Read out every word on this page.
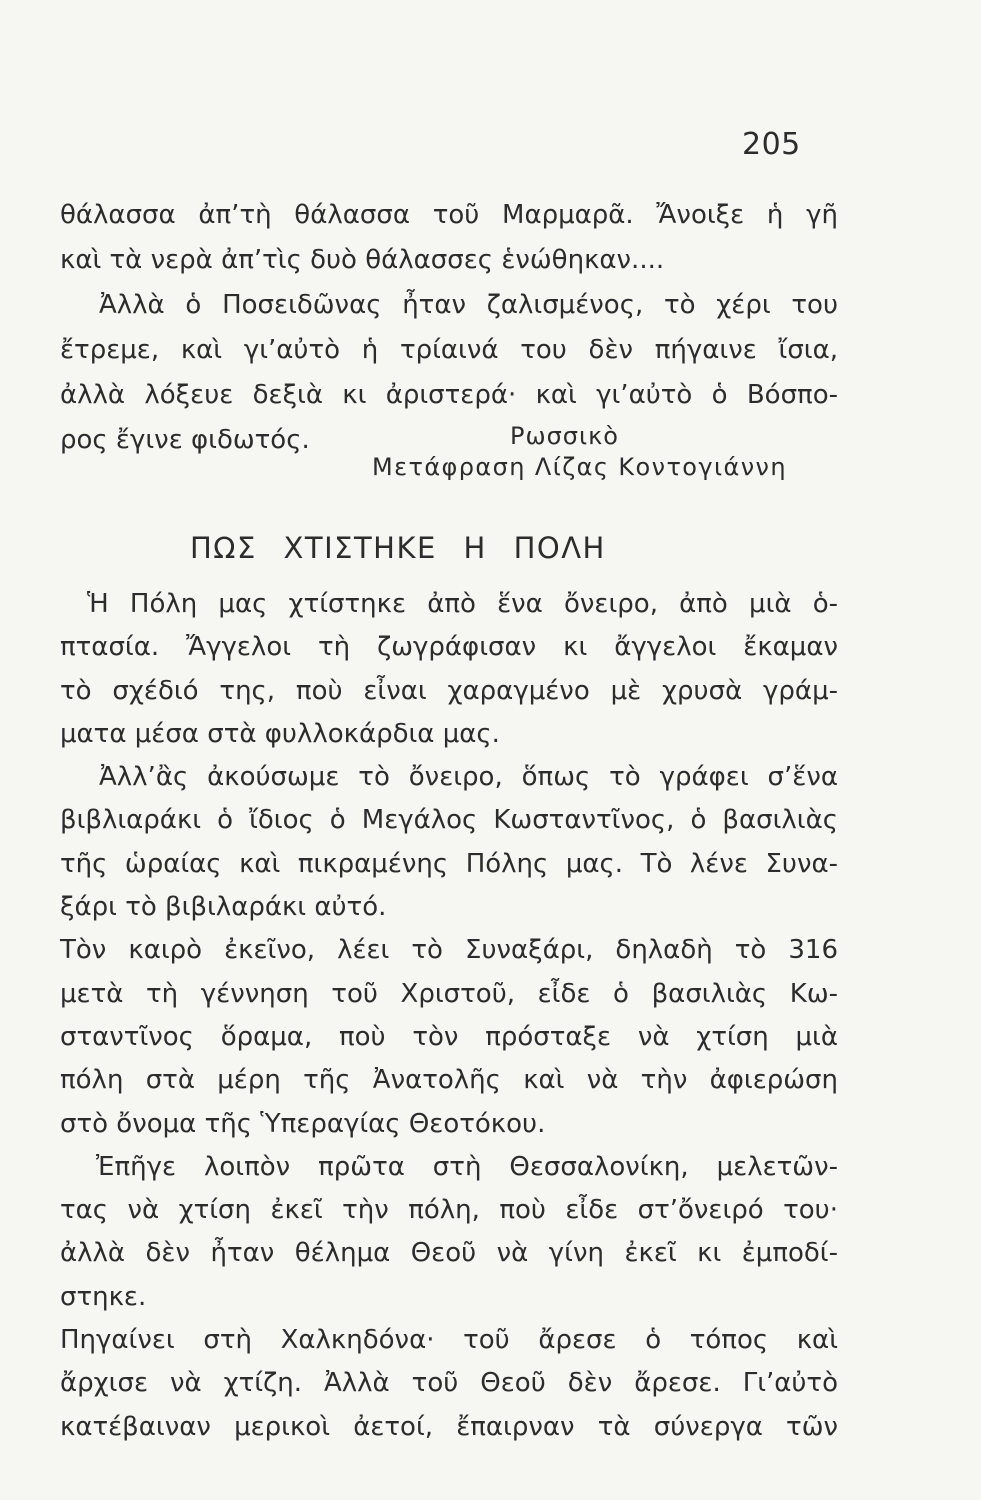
205
θάλασσα ἀπ’τὴ θάλασσα τοῦ Μαρμαρᾶ. Ἄνοιξε ἡ γῆ
καὶ τὰ νερὰ ἀπ’τὶς δυὸ θάλασσες ἑνώθηκαν....
Ἀλλὰ ὁ Ποσειδῶνας ἦταν ζαλισμένος, τὸ χέρι του
ἔτρεμε, καὶ γι’αὐτὸ ἡ τρίαινά του δὲν πήγαινε ἴσια,
ἀλλὰ λόξευε δεξιὰ κι ἀριστερά· καὶ γι’αὐτὸ ὁ Βόσπο-
ρος ἔγινε φιδωτός.	Ρωσσικὸ
Μετάφραση Λίζας Κοντογιάννη
ΠΩΣ ΧΤΙΣΤΗΚΕ Η ΠΟΛΗ
Ἡ Πόλη μας χτίστηκε ἀπὸ ἕνα ὄνειρο, ἀπὸ μιὰ ὁ-
πτασία. Ἄγγελοι τὴ ζωγράφισαν κι ἄγγελοι ἔκαμαν
τὸ σχέδιό της, ποὺ εἶναι χαραγμένο μὲ χρυσὰ γράμ-
ματα μέσα στὰ φυλλοκάρδια μας.
Ἀλλ’ἂς ἀκούσωμε τὸ ὄνειρο, ὅπως τὸ γράφει σ’ἕνα
βιβλιαράκι ὁ ἴδιος ὁ Μεγάλος Κωσταντῖνος, ὁ βασιλιὰς
τῆς ὡραίας καὶ πικραμένης Πόλης μας. Τὸ λένε Συνα-
ξάρι τὸ βιβιλαράκι αὐτό.
Τὸν καιρὸ ἐκεῖνο, λέει τὸ Συναξάρι, δηλαδὴ τὸ 316
μετὰ τὴ γέννηση τοῦ Χριστοῦ, εἶδε ὁ βασιλιὰς Κω-
σταντῖνος ὅραμα, ποὺ τὸν πρόσταξε νὰ χτίση μιὰ
πόλη στὰ μέρη τῆς Ἀνατολῆς καὶ νὰ τὴν ἀφιερώση
στὸ ὄνομα τῆς Ὑπεραγίας Θεοτόκου.
Ἐπῆγε λοιπὸν πρῶτα στὴ Θεσσαλονίκη, μελετῶν-
τας νὰ χτίση ἐκεῖ τὴν πόλη, ποὺ εἶδε στ’ὄνειρό του·
ἀλλὰ δὲν ἦταν θέλημα Θεοῦ νὰ γίνη ἐκεῖ κι ἐμποδί-
στηκε.
Πηγαίνει στὴ Χαλκηδόνα· τοῦ ἄρεσε ὁ τόπος καὶ
ἄρχισε νὰ χτίζη. Ἀλλὰ τοῦ Θεοῦ δὲν ἄρεσε. Γι’αὐτὸ
κατέβαιναν μερικοὶ ἀετοί, ἔπαιρναν τὰ σύνεργα τῶν
